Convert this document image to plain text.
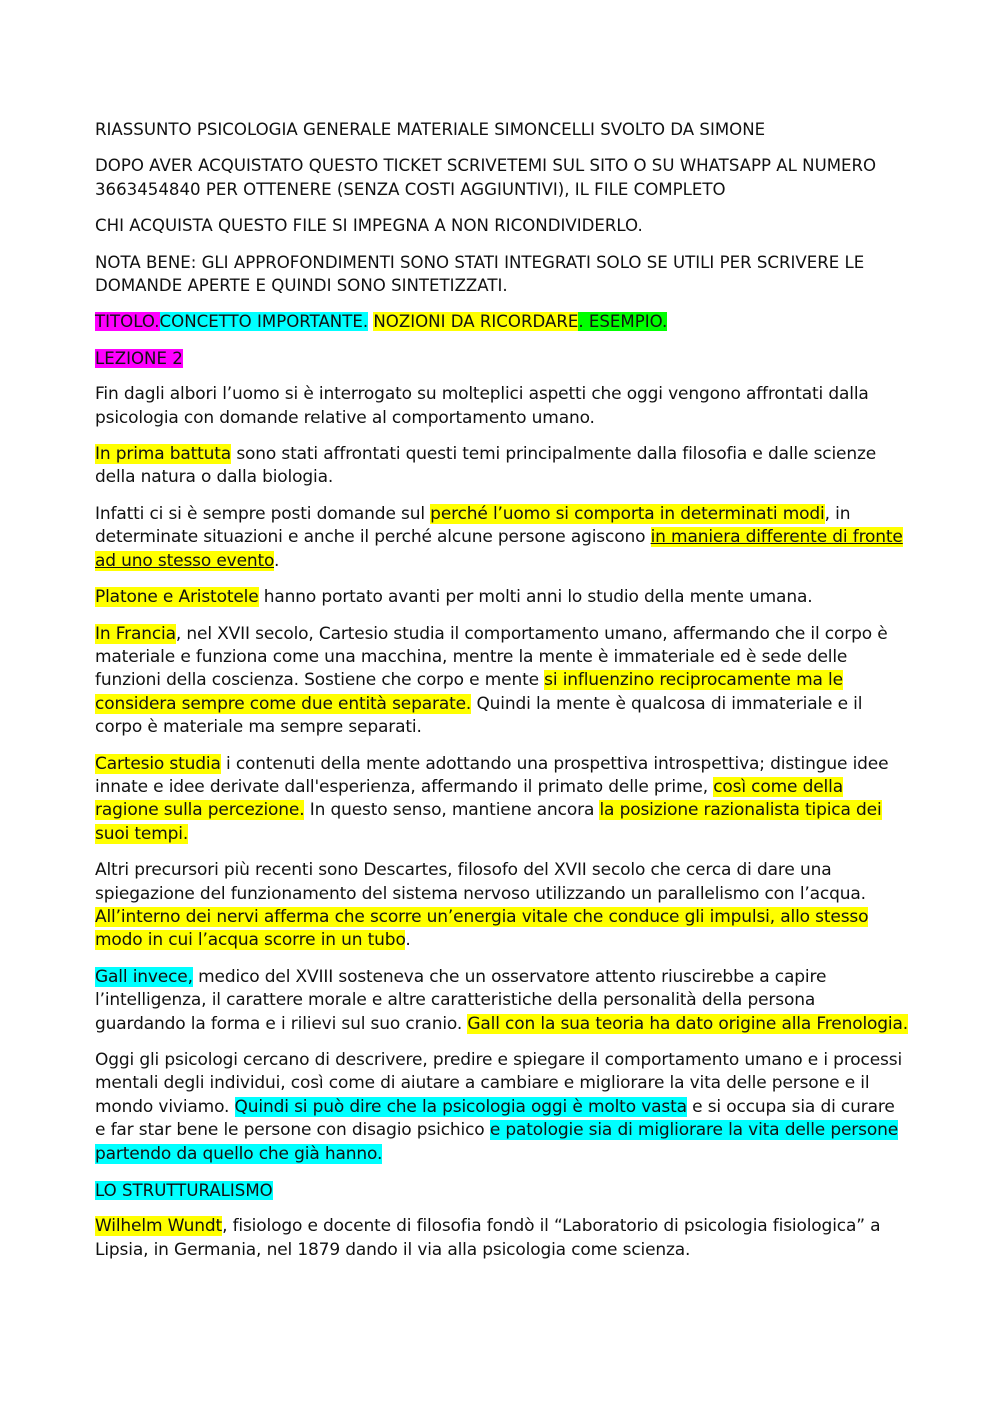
RIASSUNTO PSICOLOGIA GENERALE MATERIALE SIMONCELLI SVOLTO DA SIMONE

DOPO AVER ACQUISTATO QUESTO TICKET SCRIVETEMI SUL SITO O SU WHATSAPP AL NUMERO 3663454840 PER OTTENERE (SENZA COSTI AGGIUNTIVI), IL FILE COMPLETO

CHI ACQUISTA QUESTO FILE SI IMPEGNA A NON RICONDIVIDERLO.

NOTA BENE: GLI APPROFONDIMENTI SONO STATI INTEGRATI SOLO SE UTILI PER SCRIVERE LE DOMANDE APERTE E QUINDI SONO SINTETIZZATI.

TITOLO.CONCETTO IMPORTANTE. NOZIONI DA RICORDARE. ESEMPIO.

LEZIONE 2

Fin dagli albori l’uomo si è interrogato su molteplici aspetti che oggi vengono affrontati dalla psicologia con domande relative al comportamento umano.

In prima battuta sono stati affrontati questi temi principalmente dalla filosofia e dalle scienze della natura o dalla biologia.

Infatti ci si è sempre posti domande sul perché l’uomo si comporta in determinati modi, in determinate situazioni e anche il perché alcune persone agiscono in maniera differente di fronte ad uno stesso evento.

Platone e Aristotele hanno portato avanti per molti anni lo studio della mente umana.

In Francia, nel XVII secolo, Cartesio studia il comportamento umano, affermando che il corpo è materiale e funziona come una macchina, mentre la mente è immateriale ed è sede delle funzioni della coscienza. Sostiene che corpo e mente si influenzino reciprocamente ma le considera sempre come due entità separate. Quindi la mente è qualcosa di immateriale e il corpo è materiale ma sempre separati.

Cartesio studia i contenuti della mente adottando una prospettiva introspettiva; distingue idee innate e idee derivate dall'esperienza, affermando il primato delle prime, così come della ragione sulla percezione. In questo senso, mantiene ancora la posizione razionalista tipica dei suoi tempi.

Altri precursori più recenti sono Descartes, filosofo del XVII secolo che cerca di dare una spiegazione del funzionamento del sistema nervoso utilizzando un parallelismo con l’acqua. All’interno dei nervi afferma che scorre un’energia vitale che conduce gli impulsi, allo stesso modo in cui l’acqua scorre in un tubo.

Gall invece, medico del XVIII sosteneva che un osservatore attento riuscirebbe a capire l’intelligenza, il carattere morale e altre caratteristiche della personalità della persona guardando la forma e i rilievi sul suo cranio. Gall con la sua teoria ha dato origine alla Frenologia.

Oggi gli psicologi cercano di descrivere, predire e spiegare il comportamento umano e i processi mentali degli individui, così come di aiutare a cambiare e migliorare la vita delle persone e il mondo viviamo. Quindi si può dire che la psicologia oggi è molto vasta e si occupa sia di curare e far star bene le persone con disagio psichico e patologie sia di migliorare la vita delle persone partendo da quello che già hanno.

LO STRUTTURALISMO

Wilhelm Wundt, fisiologo e docente di filosofia fondò il “Laboratorio di psicologia fisiologica” a Lipsia, in Germania, nel 1879 dando il via alla psicologia come scienza.
